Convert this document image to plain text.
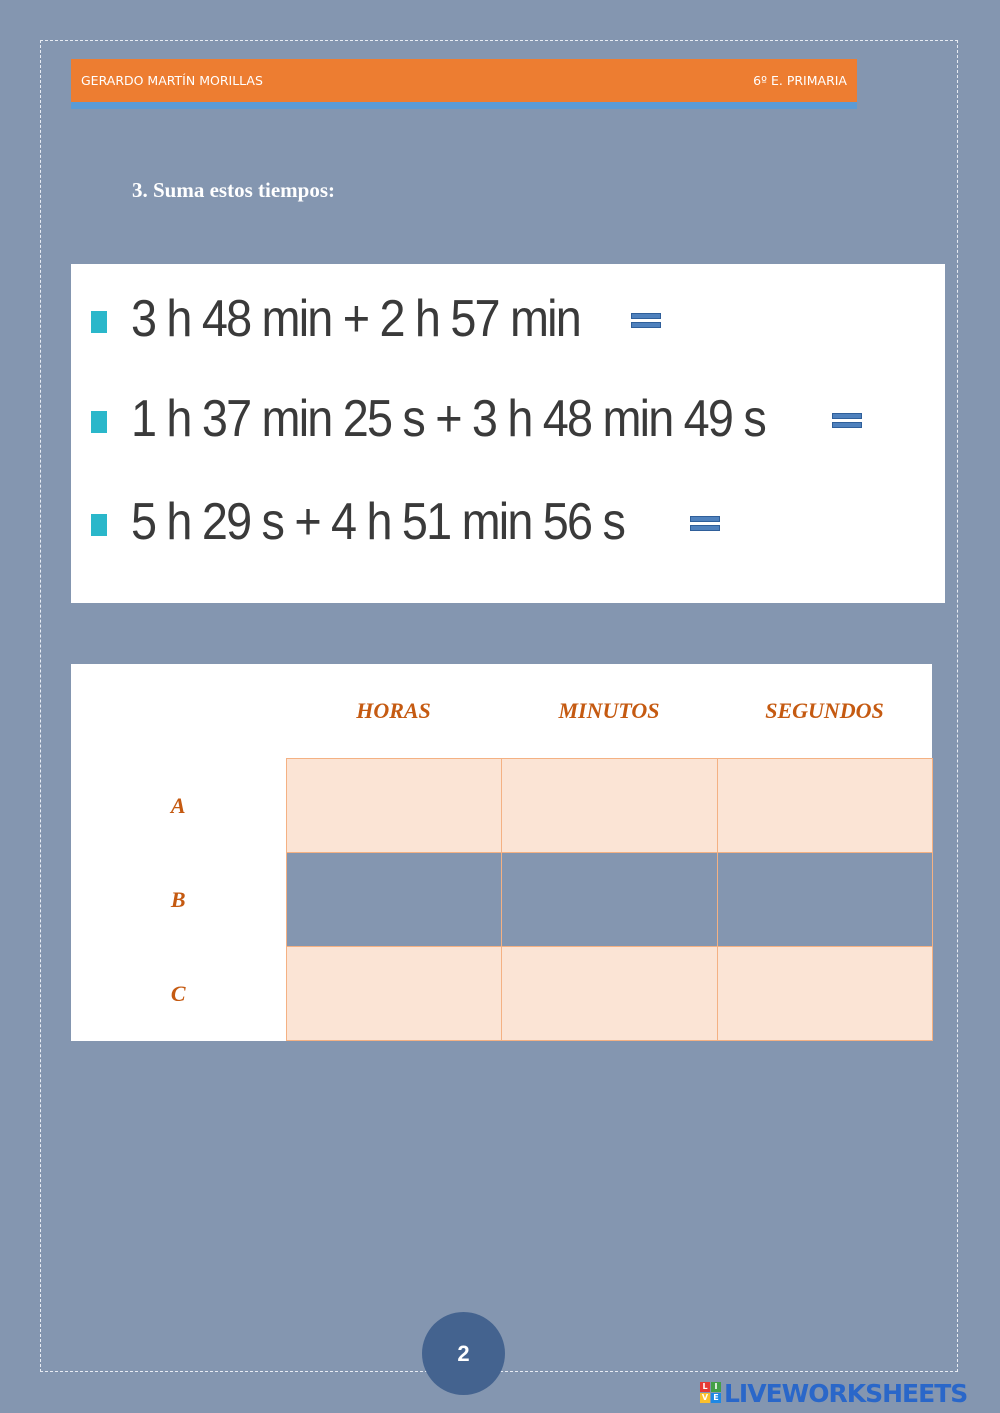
GERARDO MARTÍN MORILLAS	6º E. PRIMARIA
3. Suma estos tiempos:
3 h 48 min + 2 h 57 min
1 h 37 min 25 s + 3 h 48 min 49 s
5 h 29 s + 4 h 51 min 56 s
	HORAS	MINUTOS	SEGUNDOS
A			
B			
C			
2
L I
V E LIVEWORKSHEETS
